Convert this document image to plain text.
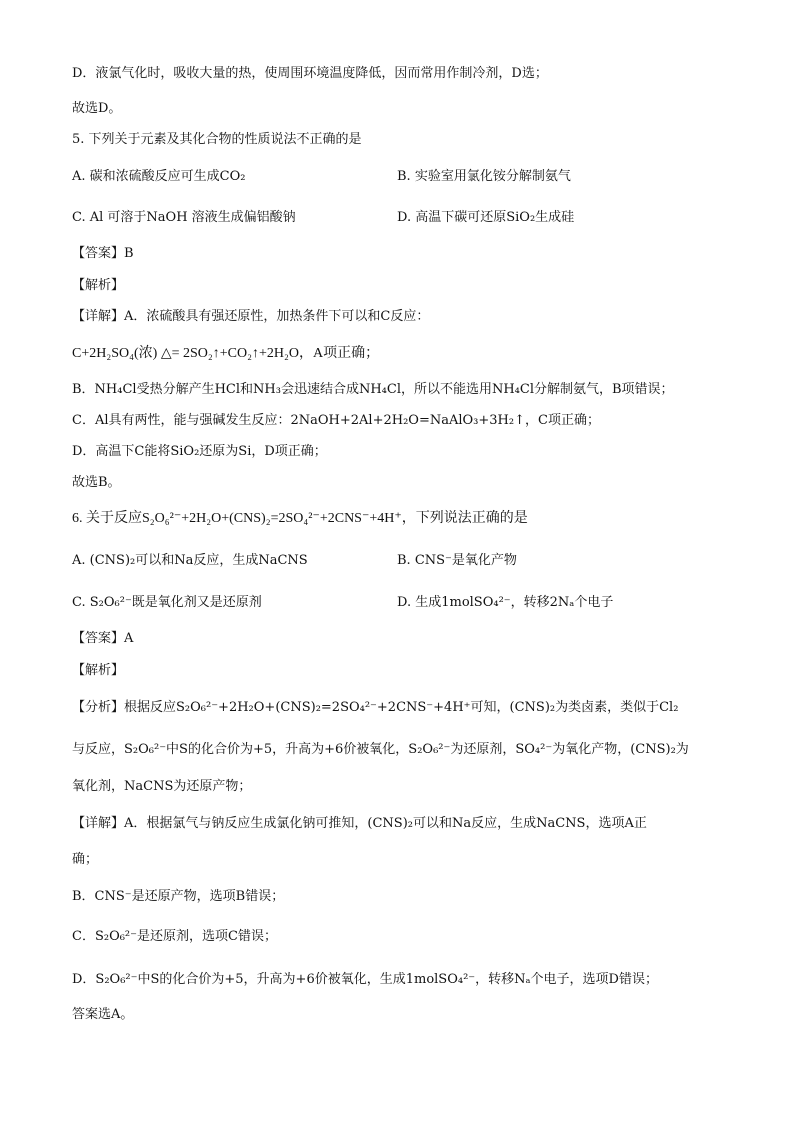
D．液氯气化时，吸收大量的热，使周围环境温度降低，因而常用作制冷剂，D选；
故选D。
5. 下列关于元素及其化合物的性质说法不正确的是
A. 碳和浓硫酸反应可生成CO₂	B. 实验室用氯化铵分解制氨气
C. Al 可溶于NaOH 溶液生成偏铝酸钠	D. 高温下碳可还原SiO₂生成硅
【答案】B
【解析】
【详解】A．浓硫酸具有强还原性，加热条件下可以和C反应：
C+2H₂SO₄(浓) △= 2SO₂↑+CO₂↑+2H₂O，A项正确；
B．NH₄Cl受热分解产生HCl和NH₃会迅速结合成NH₄Cl，所以不能选用NH₄Cl分解制氨气，B项错误；
C．Al具有两性，能与强碱发生反应：2NaOH+2Al+2H₂O=NaAlO₃+3H₂↑，C项正确；
D．高温下C能将SiO₂还原为Si，D项正确；
故选B。
6. 关于反应S₂O₆²⁻+2H₂O+(CNS)₂=2SO₄²⁻+2CNS⁻+4H⁺，下列说法正确的是
A. (CNS)₂可以和Na反应，生成NaCNS	B. CNS⁻是氧化产物
C. S₂O₆²⁻既是氧化剂又是还原剂	D. 生成1molSO₄²⁻，转移2Nₐ个电子
【答案】A
【解析】
【分析】根据反应S₂O₆²⁻+2H₂O+(CNS)₂=2SO₄²⁻+2CNS⁻+4H⁺可知，(CNS)₂为类卤素，类似于Cl₂
与反应，S₂O₆²⁻中S的化合价为+5，升高为+6价被氧化，S₂O₆²⁻为还原剂，SO₄²⁻为氧化产物，(CNS)₂为
氧化剂，NaCNS为还原产物；
【详解】A．根据氯气与钠反应生成氯化钠可推知，(CNS)₂可以和Na反应，生成NaCNS，选项A正
确；
B．CNS⁻是还原产物，选项B错误；
C．S₂O₆²⁻是还原剂，选项C错误；
D．S₂O₆²⁻中S的化合价为+5，升高为+6价被氧化，生成1molSO₄²⁻，转移Nₐ个电子，选项D错误；
答案选A。
